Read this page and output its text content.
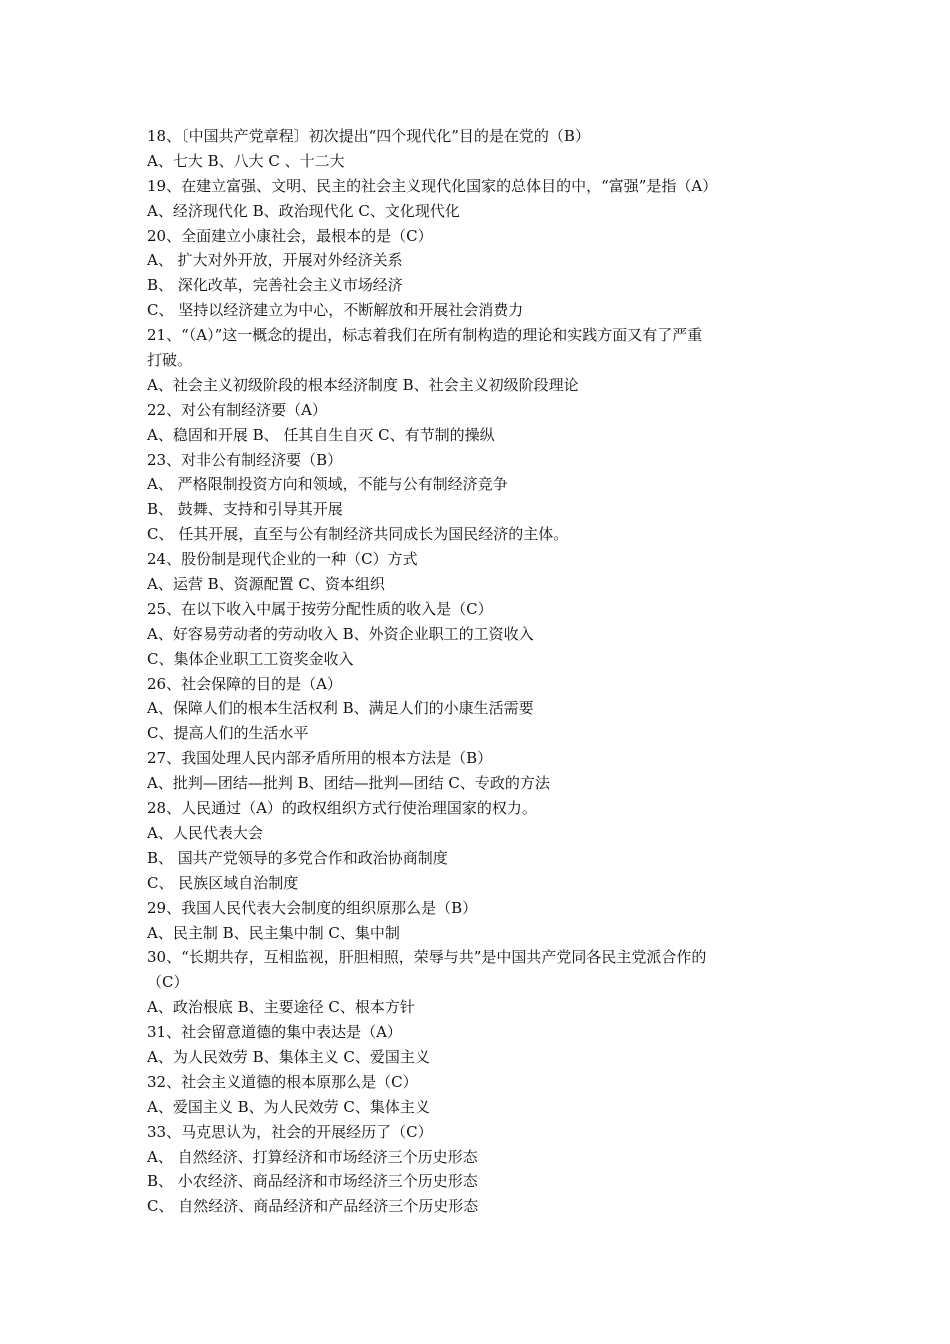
18、〔中国共产党章程〕初次提出“四个现代化”目的是在党的（B）
A、七大 B、八大 C 、十二大
19、在建立富强、文明、民主的社会主义现代化国家的总体目的中，“富强”是指（A）
A、经济现代化 B、政治现代化 C、文化现代化
20、全面建立小康社会，最根本的是（C）
A、 扩大对外开放，开展对外经济关系
B、 深化改革，完善社会主义市场经济
C、 坚持以经济建立为中心，不断解放和开展社会消费力
21、“（A）”这一概念的提出，标志着我们在所有制构造的理论和实践方面又有了严重
打破。
A、社会主义初级阶段的根本经济制度 B、社会主义初级阶段理论
22、对公有制经济要（A）
A、稳固和开展 B、 任其自生自灭 C、有节制的操纵
23、对非公有制经济要（B）
A、 严格限制投资方向和领域，不能与公有制经济竞争
B、 鼓舞、支持和引导其开展
C、 任其开展，直至与公有制经济共同成长为国民经济的主体。
24、股份制是现代企业的一种（C）方式
A、运营 B、资源配置 C、资本组织
25、在以下收入中属于按劳分配性质的收入是（C）
A、好容易劳动者的劳动收入 B、外资企业职工的工资收入
C、集体企业职工工资奖金收入
26、社会保障的目的是（A）
A、保障人们的根本生活权利 B、满足人们的小康生活需要
C、提高人们的生活水平
27、我国处理人民内部矛盾所用的根本方法是（B）
A、批判—团结—批判 B、团结—批判—团结 C、专政的方法
28、人民通过（A）的政权组织方式行使治理国家的权力。
A、人民代表大会
B、 国共产党领导的多党合作和政治协商制度
C、 民族区域自治制度
29、我国人民代表大会制度的组织原那么是（B）
A、民主制 B、民主集中制 C、集中制
30、“长期共存，互相监视，肝胆相照，荣辱与共”是中国共产党同各民主党派合作的
（C）
A、政治根底 B、主要途径 C、根本方针
31、社会留意道德的集中表达是（A）
A、为人民效劳 B、集体主义 C、爱国主义
32、社会主义道德的根本原那么是（C）
A、爱国主义 B、为人民效劳 C、集体主义
33、马克思认为，社会的开展经历了（C）
A、 自然经济、打算经济和市场经济三个历史形态
B、 小农经济、商品经济和市场经济三个历史形态
C、 自然经济、商品经济和产品经济三个历史形态
